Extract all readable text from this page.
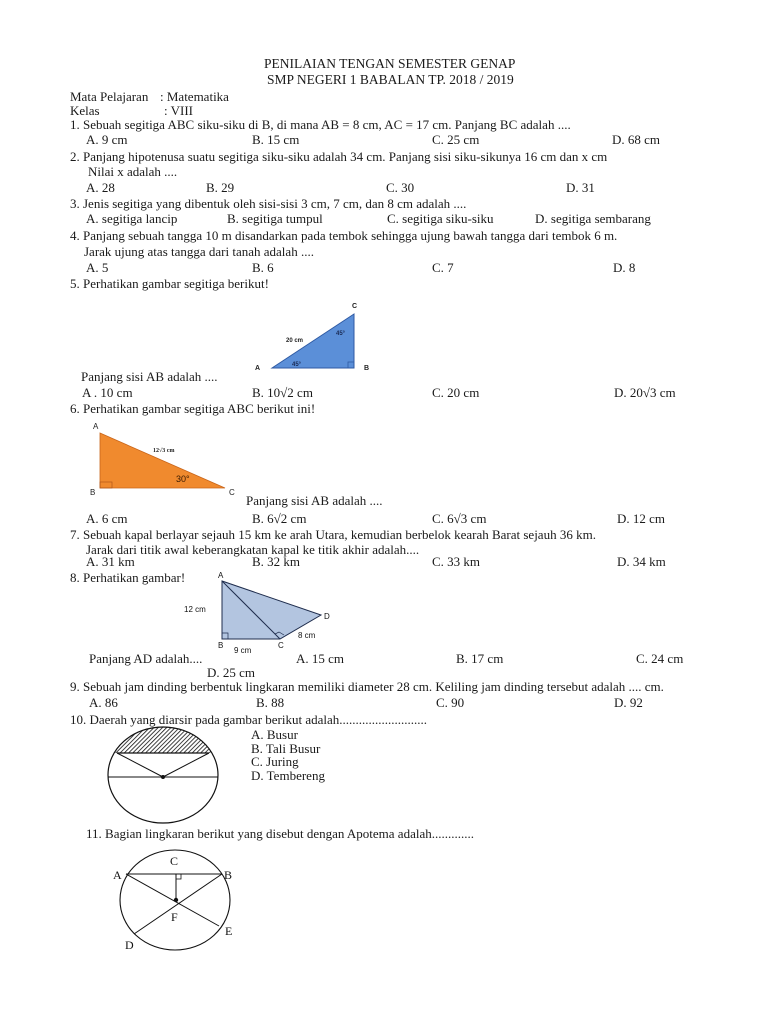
PENILAIAN TENGAN SEMESTER GENAP
SMP NEGERI 1 BABALAN TP. 2018 / 2019
Mata Pelajaran : Matematika
Kelas	: VIII
1. Sebuah segitiga ABC siku-siku di B, di mana AB = 8 cm, AC = 17 cm. Panjang BC adalah ....
A. 9 cm	B. 15 cm	C. 25 cm	D. 68 cm
2. Panjang hipotenusa suatu segitiga siku-siku adalah 34 cm. Panjang sisi siku-sikunya 16 cm dan x cm
Nilai x adalah ....
A. 28	B. 29	C. 30	D. 31
3. Jenis segitiga yang dibentuk oleh sisi-sisi 3 cm, 7 cm, dan 8 cm adalah ....
A. segitiga lancip	B. segitiga tumpul	C. segitiga siku-siku	D. segitiga sembarang
4. Panjang sebuah tangga 10 m disandarkan pada tembok sehingga ujung bawah tangga dari tembok 6 m.
Jarak ujung atas tangga dari tanah adalah ....
A. 5	B. 6	C. 7	D. 8
5. Perhatikan gambar segitiga berikut!
A	B
C
20 cm
45°
45°
Panjang sisi AB adalah ....
A . 10 cm	B. 10√2 cm	C. 20 cm	D. 20√3 cm
6. Perhatikan gambar segitiga ABC berikut ini!
A
B	C
12√3 cm
30°
Panjang sisi AB adalah ....
A. 6 cm	B. 6√2 cm	C. 6√3 cm	D. 12 cm
7. Sebuah kapal berlayar sejauh 15 km ke arah Utara, kemudian berbelok kearah Barat sejauh 36 km.
Jarak dari titik awal keberangkatan kapal ke titik akhir adalah....
A. 31 km	B. 32 km	C. 33 km	D. 34 km
8. Perhatikan gambar!	A
B	C
D
12 cm
9 cm
8 cm
Panjang AD adalah....	A. 15 cm	B. 17 cm	C. 24 cm
D. 25 cm
9. Sebuah jam dinding berbentuk lingkaran memiliki diameter 28 cm. Keliling jam dinding tersebut adalah .... cm.
A. 86	B. 88	C. 90	D. 92
10. Daerah yang diarsir pada gambar berikut adalah...........................
A. Busur
B. Tali Busur
C. Juring
D. Tembereng
11. Bagian lingkaran berikut yang disebut dengan Apotema adalah.............
C
A	B
F
E
D
